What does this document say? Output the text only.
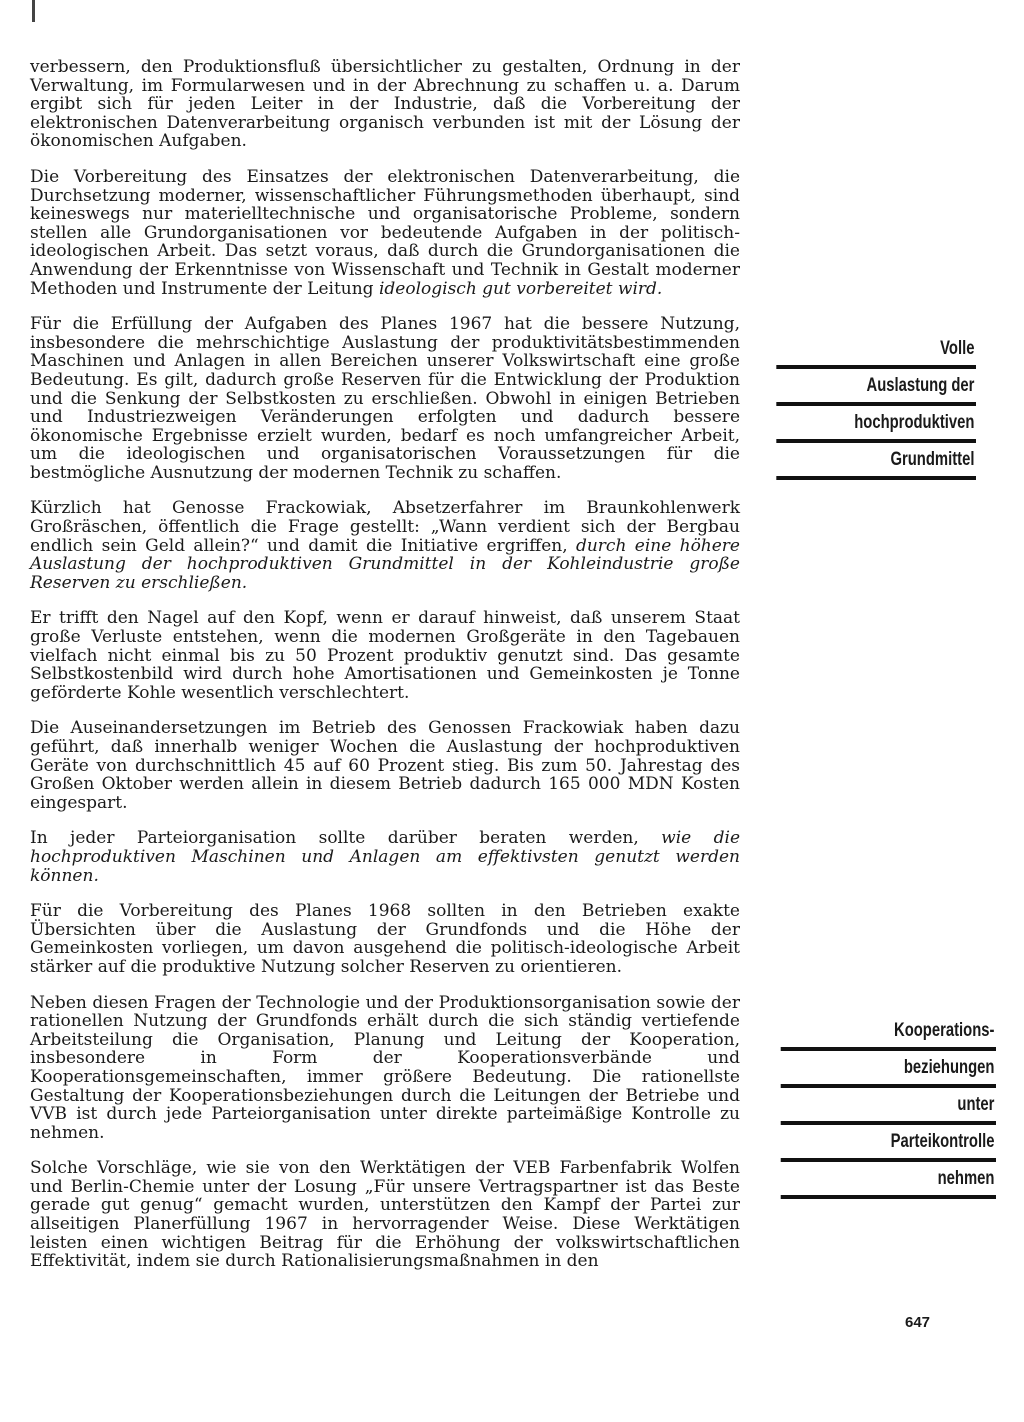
verbessern, den Produktionsfluß übersichtlicher zu gestalten, Ordnung in der Verwaltung, im Formularwesen und in der Abrechnung zu schaffen u. a. Darum ergibt sich für jeden Leiter in der Industrie, daß die Vorbereitung der elektronischen Datenverarbeitung organisch verbunden ist mit der Lösung der ökonomischen Aufgaben.

Die Vorbereitung des Einsatzes der elektronischen Datenverarbeitung, die Durchsetzung moderner, wissenschaftlicher Führungsmethoden überhaupt, sind keineswegs nur materielltechnische und organisatorische Probleme, sondern stellen alle Grundorganisationen vor bedeutende Aufgaben in der politisch-ideologischen Arbeit. Das setzt voraus, daß durch die Grundorganisationen die Anwendung der Erkenntnisse von Wissenschaft und Technik in Gestalt moderner Methoden und Instrumente der Leitung ideologisch gut vorbereitet wird.

Für die Erfüllung der Aufgaben des Planes 1967 hat die bessere Nutzung, insbesondere die mehrschichtige Auslastung der produktivitätsbestimmenden Maschinen und Anlagen in allen Bereichen unserer Volkswirtschaft eine große Bedeutung. Es gilt, dadurch große Reserven für die Entwicklung der Produktion und die Senkung der Selbstkosten zu erschließen. Obwohl in einigen Betrieben und Industriezweigen Veränderungen erfolgten und dadurch bessere ökonomische Ergebnisse erzielt wurden, bedarf es noch umfangreicher Arbeit, um die ideologischen und organisatorischen Voraussetzungen für die bestmögliche Ausnutzung der modernen Technik zu schaffen.

Kürzlich hat Genosse Frackowiak, Absetzerfahrer im Braunkohlenwerk Großräschen, öffentlich die Frage gestellt: „Wann verdient sich der Bergbau endlich sein Geld allein?“ und damit die Initiative ergriffen, durch eine höhere Auslastung der hochproduktiven Grundmittel in der Kohleindustrie große Reserven zu erschließen.

Er trifft den Nagel auf den Kopf, wenn er darauf hinweist, daß unserem Staat große Verluste entstehen, wenn die modernen Großgeräte in den Tagebauen vielfach nicht einmal bis zu 50 Prozent produktiv genutzt sind. Das gesamte Selbstkostenbild wird durch hohe Amortisationen und Gemeinkosten je Tonne geförderte Kohle wesentlich verschlechtert.

Die Auseinandersetzungen im Betrieb des Genossen Frackowiak haben dazu geführt, daß innerhalb weniger Wochen die Auslastung der hochproduktiven Geräte von durchschnittlich 45 auf 60 Prozent stieg. Bis zum 50. Jahrestag des Großen Oktober werden allein in diesem Betrieb dadurch 165 000 MDN Kosten eingespart.

In jeder Parteiorganisation sollte darüber beraten werden, wie die hochproduktiven Maschinen und Anlagen am effektivsten genutzt werden können.

Für die Vorbereitung des Planes 1968 sollten in den Betrieben exakte Übersichten über die Auslastung der Grundfonds und die Höhe der Gemeinkosten vorliegen, um davon ausgehend die politisch-ideologische Arbeit stärker auf die produktive Nutzung solcher Reserven zu orientieren.

Neben diesen Fragen der Technologie und der Produktionsorganisation sowie der rationellen Nutzung der Grundfonds erhält durch die sich ständig vertiefende Arbeitsteilung die Organisation, Planung und Leitung der Kooperation, insbesondere in Form der Kooperationsverbände und Kooperationsgemeinschaften, immer größere Bedeutung. Die rationellste Gestaltung der Kooperationsbeziehungen durch die Leitungen der Betriebe und VVB ist durch jede Parteiorganisation unter direkte parteimäßige Kontrolle zu nehmen.

Solche Vorschläge, wie sie von den Werktätigen der VEB Farbenfabrik Wolfen und Berlin-Chemie unter der Losung „Für unsere Vertragspartner ist das Beste gerade gut genug“ gemacht wurden, unterstützen den Kampf der Partei zur allseitigen Planerfüllung 1967 in hervorragender Weise. Diese Werktätigen leisten einen wichtigen Beitrag für die Erhöhung der volkswirtschaftlichen Effektivität, indem sie durch Rationalisierungsmaßnahmen in den

Volle
Auslastung der
hochproduktiven
Grundmittel
Kooperations-
beziehungen
unter
Parteikontrolle
nehmen
647
